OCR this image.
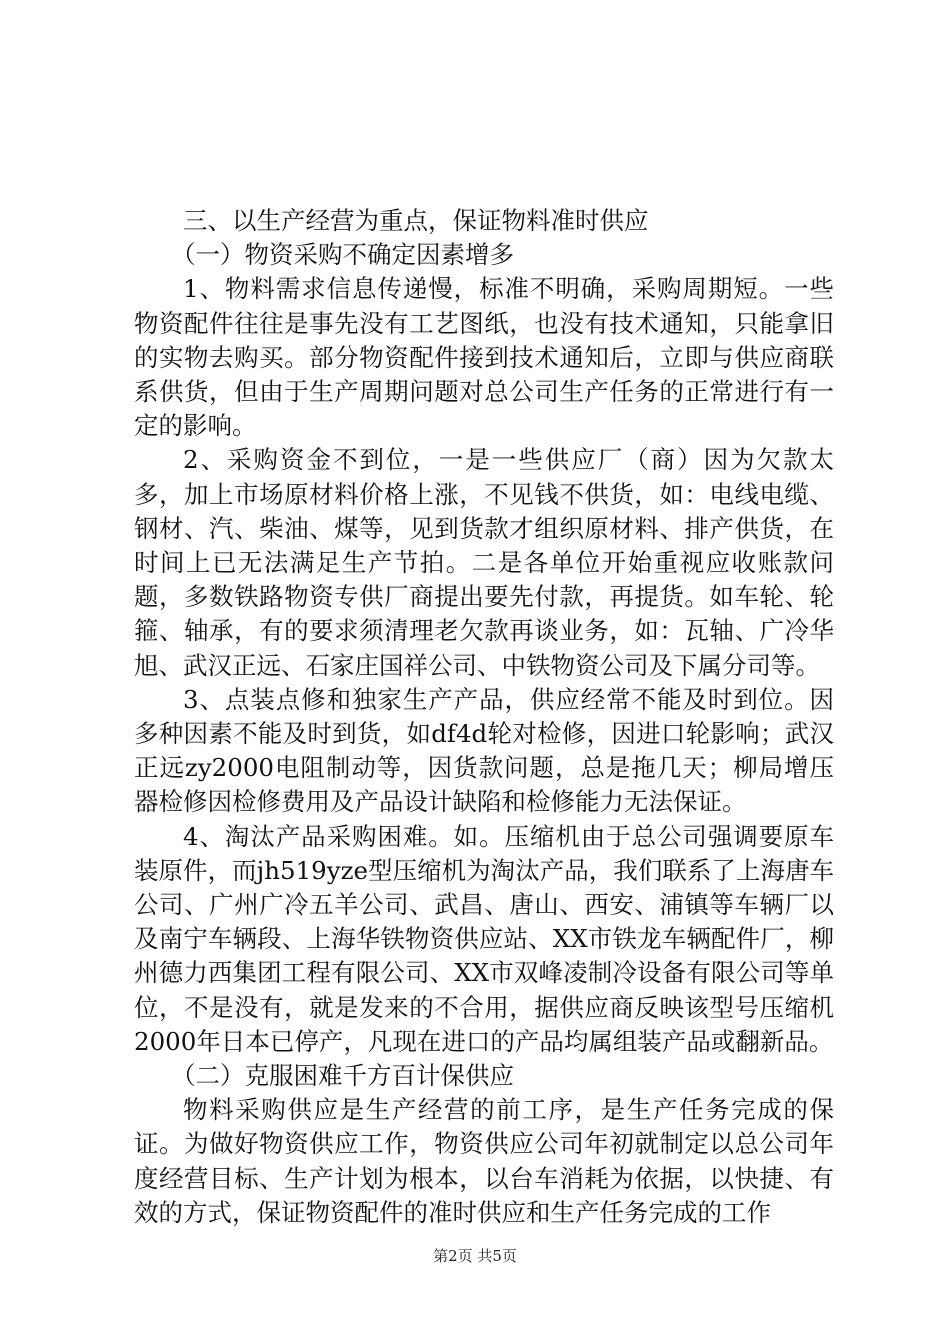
三、以生产经营为重点，保证物料准时供应

（一）物资采购不确定因素增多

1、物料需求信息传递慢，标准不明确，采购周期短。一些物资配件往往是事先没有工艺图纸，也没有技术通知，只能拿旧的实物去购买。部分物资配件接到技术通知后，立即与供应商联系供货，但由于生产周期问题对总公司生产任务的正常进行有一定的影响。

2、采购资金不到位，一是一些供应厂（商）因为欠款太多，加上市场原材料价格上涨，不见钱不供货，如：电线电缆、钢材、汽、柴油、煤等，见到货款才组织原材料、排产供货，在时间上已无法满足生产节拍。二是各单位开始重视应收账款问题，多数铁路物资专供厂商提出要先付款，再提货。如车轮、轮箍、轴承，有的要求须清理老欠款再谈业务，如：瓦轴、广冷华旭、武汉正远、石家庄国祥公司、中铁物资公司及下属分司等。

3、点装点修和独家生产产品，供应经常不能及时到位。因多种因素不能及时到货，如df4d轮对检修，因进口轮影响；武汉正远zy2000电阻制动等，因货款问题，总是拖几天；柳局增压器检修因检修费用及产品设计缺陷和检修能力无法保证。

4、淘汰产品采购困难。如。压缩机由于总公司强调要原车装原件，而jh519yze型压缩机为淘汰产品，我们联系了上海唐车公司、广州广冷五羊公司、武昌、唐山、西安、浦镇等车辆厂以及南宁车辆段、上海华铁物资供应站、XX市铁龙车辆配件厂，柳州德力西集团工程有限公司、XX市双峰凌制冷设备有限公司等单位，不是没有，就是发来的不合用，据供应商反映该型号压缩机2000年日本已停产，凡现在进口的产品均属组装产品或翻新品。

（二）克服困难千方百计保供应

物料采购供应是生产经营的前工序，是生产任务完成的保证。为做好物资供应工作，物资供应公司年初就制定以总公司年度经营目标、生产计划为根本，以台车消耗为依据，以快捷、有效的方式，保证物资配件的准时供应和生产任务完成的工作

第2页 共5页
